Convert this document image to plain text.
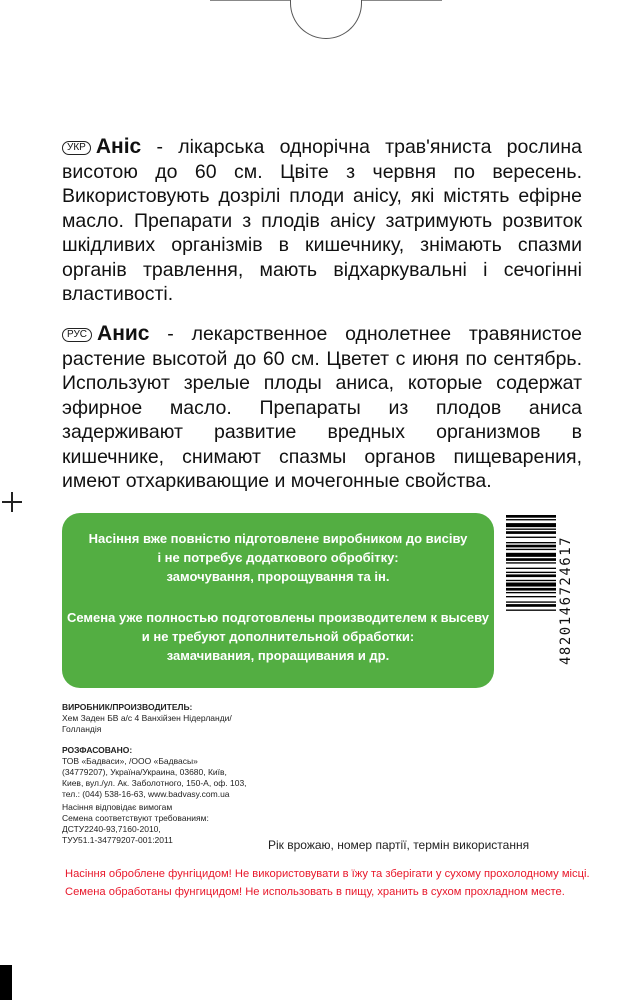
УКР Аніс - лікарська однорічна трав'яниста рослина висотою до 60 см. Цвіте з червня по вересень. Використовують дозрілі плоди анісу, які містять ефірне масло. Препарати з плодів анісу затримують розвиток шкідливих організмів в кишечнику, знімають спазми органів травлення, мають відхаркувальні і сечогінні властивості.
РУС Анис - лекарственное однолетнее травянистое растение высотой до 60 см. Цветет с июня по сентябрь. Используют зрелые плоды аниса, которые содержат эфирное масло. Препараты из плодов аниса задерживают развитие вредных организмов в кишечнике, снимают спазмы органов пищеварения, имеют отхаркивающие и мочегонные свойства.
Насіння вже повністю підготовлене виробником до висіву
і не потребує додаткового обробітку:
замочування, пророщування та ін.
Семена уже полностью подготовлены производителем к высеву
и не требуют дополнительной обработки:
замачивания, проращивания и др.	4820146724617
ВИРОБНИК/ПРОИЗВОДИТЕЛЬ:
Хем Заден БВ а/с 4 Ванхійзен Нідерланди/
Голландія
РОЗФАСОВАНО:
ТОВ «Бадваси», /ООО «Бадвасы»
(34779207), Україна/Украина, 03680, Київ,
Киев, вул./ул. Ак. Заболотного, 150-А, оф. 103,
тел.: (044) 538-16-63, www.badvasy.com.ua
Насіння відповідає вимогам
Семена соответствуют требованиям:
ДСТУ2240-93,7160-2010,
ТУУ51.1-34779207-001:2011	Рік врожаю, номер партії, термін використання
Насіння оброблене фунгіцидом! Не використовувати в їжу та зберігати у сухому прохолодному місці.
Семена обработаны фунгицидом! Не использовать в пищу, хранить в сухом прохладном месте.
